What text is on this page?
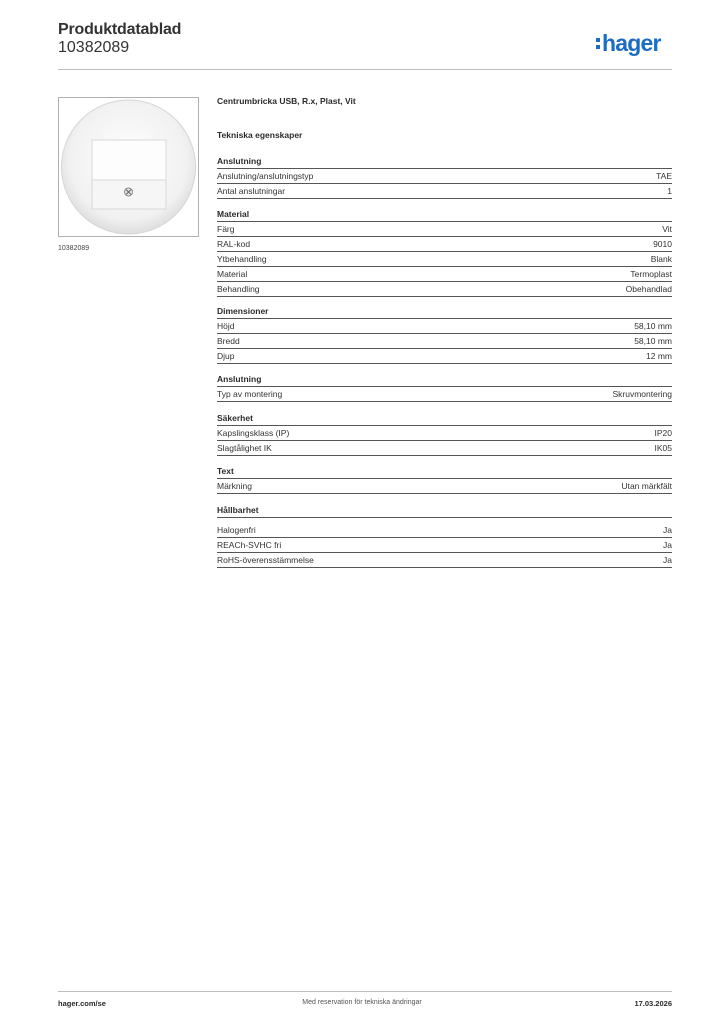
Produktdatablad
10382089	hager
10382089
Centrumbricka USB, R.x, Plast, Vit
Tekniska egenskaper
Anslutning
Anslutning/anslutningstyp	TAE
Antal anslutningar	1
Material
Färg	Vit
RAL-kod	9010
Ytbehandling	Blank
Material	Termoplast
Behandling	Obehandlad
Dimensioner
Höjd	58,10 mm
Bredd	58,10 mm
Djup	12 mm
Anslutning
Typ av montering	Skruvmontering
Säkerhet
Kapslingsklass (IP)	IP20
Slagtålighet IK	IK05
Text
Märkning	Utan märkfält
Hållbarhet
Halogenfri	Ja
REACh-SVHC fri	Ja
RoHS-överensstämmelse	Ja
hager.com/se	Med reservation för tekniska ändringar	17.03.2026
